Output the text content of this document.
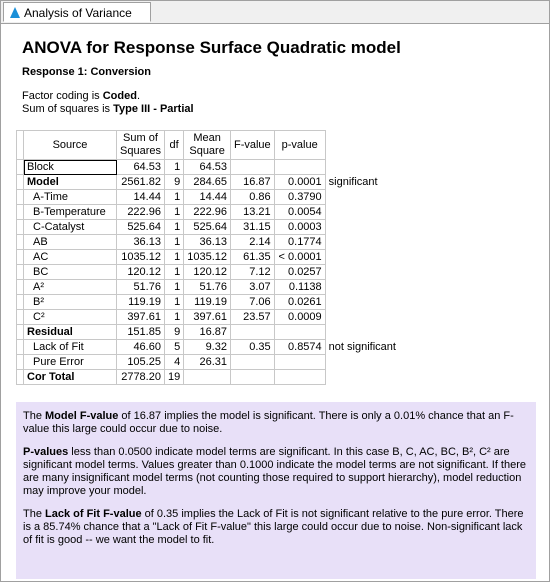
Analysis of Variance
ANOVA for Response Surface Quadratic model
Response 1: Conversion
Factor coding is Coded.
Sum of squares is Type III - Partial
	Source	Sum of Squares	df	Mean Square	F-value	p-value	
	Block	64.53	1	64.53			
	Model	2561.82	9	284.65	16.87	0.0001	significant
	A-Time	14.44	1	14.44	0.86	0.3790	
	B-Temperature	222.96	1	222.96	13.21	0.0054	
	C-Catalyst	525.64	1	525.64	31.15	0.0003	
	AB	36.13	1	36.13	2.14	0.1774	
	AC	1035.12	1	1035.12	61.35	< 0.0001	
	BC	120.12	1	120.12	7.12	0.0257	
	A²	51.76	1	51.76	3.07	0.1138	
	B²	119.19	1	119.19	7.06	0.0261	
	C²	397.61	1	397.61	23.57	0.0009	
	Residual	151.85	9	16.87			
	Lack of Fit	46.60	5	9.32	0.35	0.8574	not significant
	Pure Error	105.25	4	26.31			
	Cor Total	2778.20	19				

The Model F-value of 16.87 implies the model is significant. There is only a 0.01% chance that an F-value this large could occur due to noise.

P-values less than 0.0500 indicate model terms are significant. In this case B, C, AC, BC, B², C² are significant model terms. Values greater than 0.1000 indicate the model terms are not significant. If there are many insignificant model terms (not counting those required to support hierarchy), model reduction may improve your model.

The Lack of Fit F-value of 0.35 implies the Lack of Fit is not significant relative to the pure error. There is a 85.74% chance that a "Lack of Fit F-value" this large could occur due to noise. Non-significant lack of fit is good -- we want the model to fit.
